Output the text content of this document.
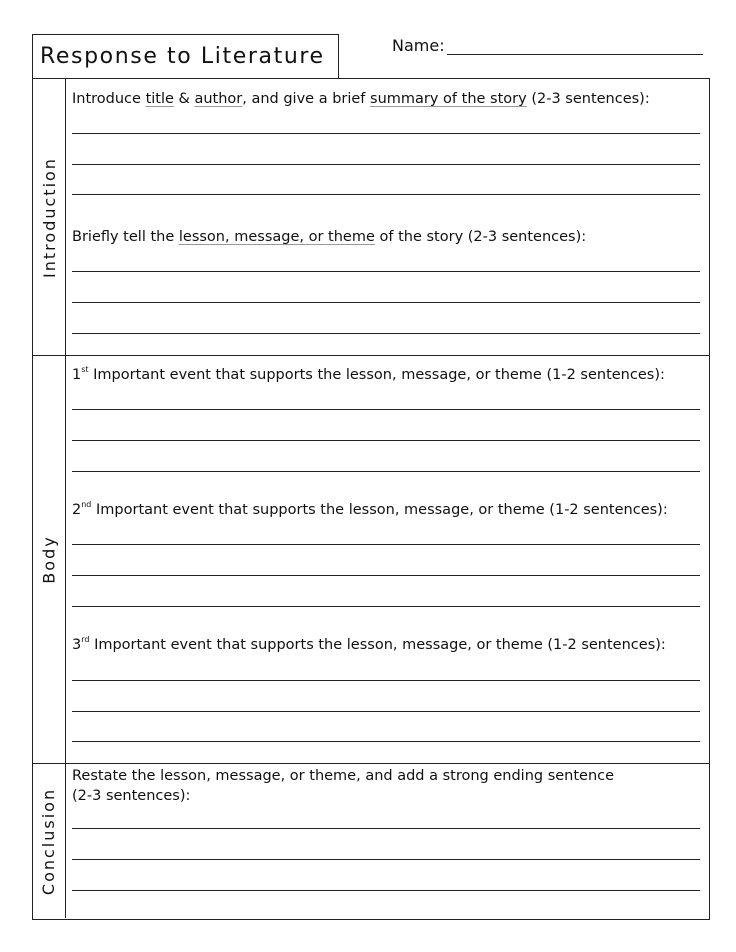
Response to Literature	Name:
Introduction
Introduce title & author, and give a brief summary of the story (2-3 sentences):
Briefly tell the lesson, message, or theme of the story (2-3 sentences):
Body
1st Important event that supports the lesson, message, or theme (1-2 sentences):
2nd Important event that supports the lesson, message, or theme (1-2 sentences):
3rd Important event that supports the lesson, message, or theme (1-2 sentences):
Conclusion
Restate the lesson, message, or theme, and add a strong ending sentence
(2-3 sentences):
